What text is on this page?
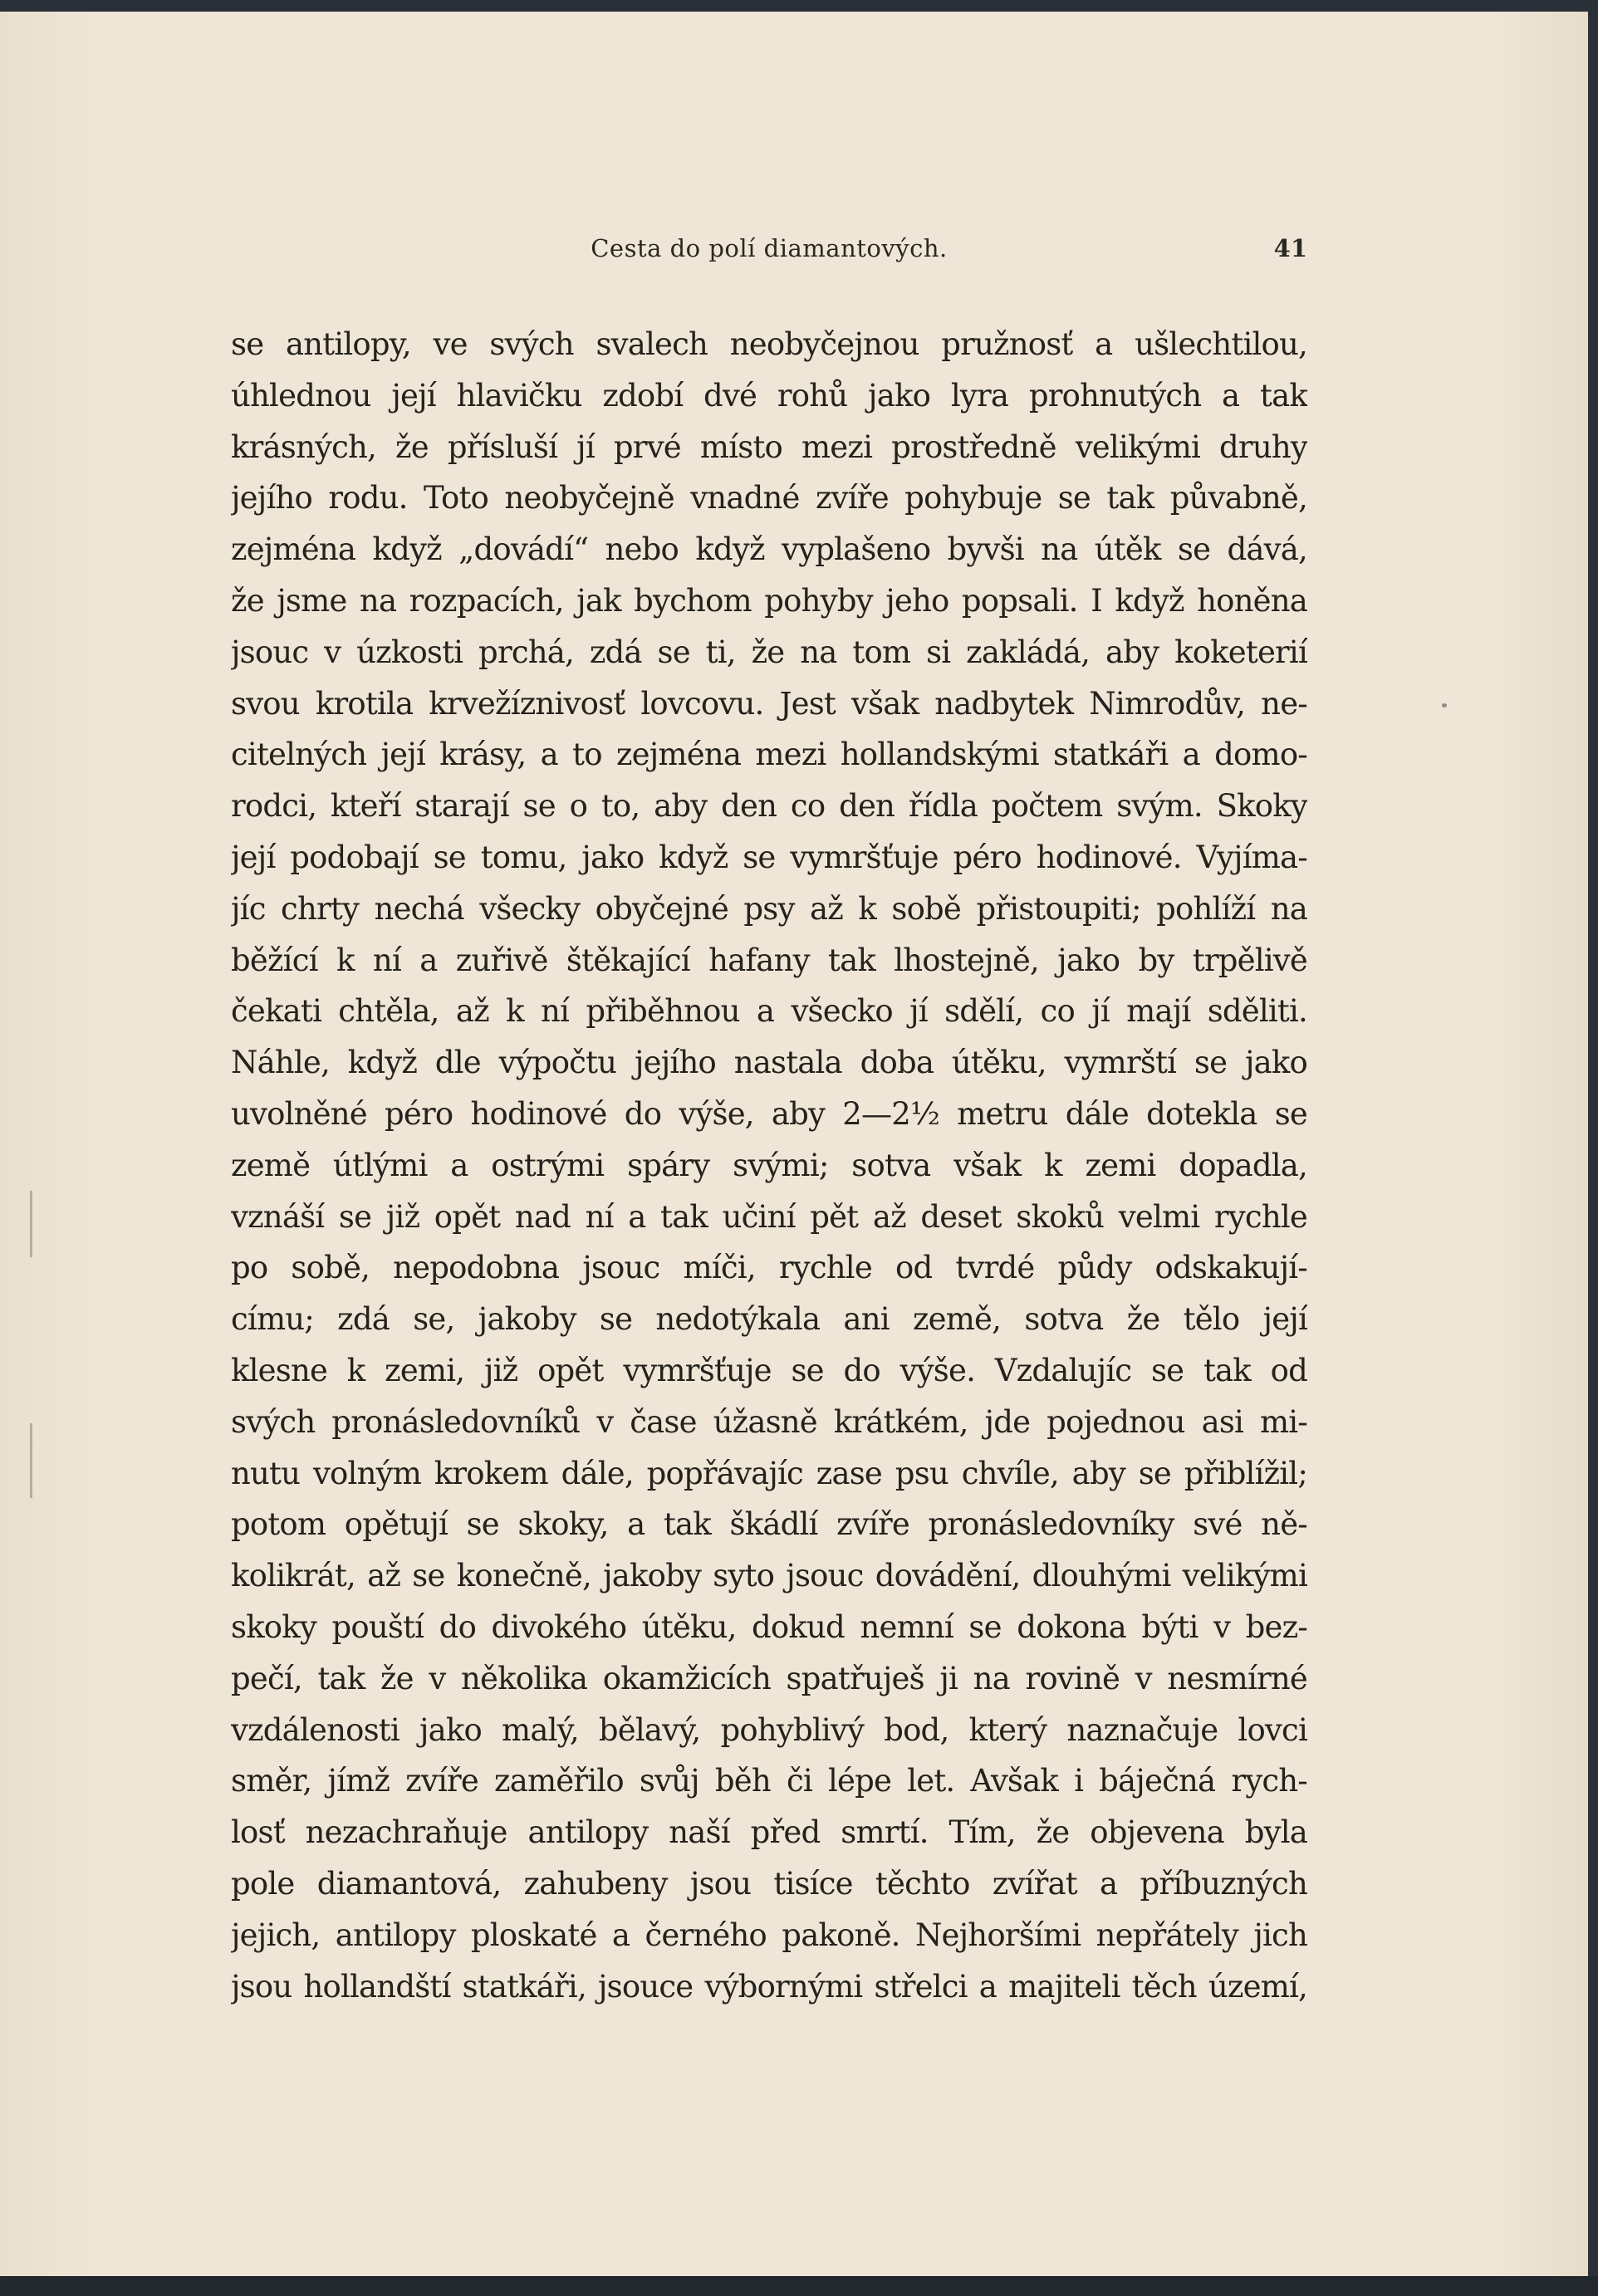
Cesta do polí diamantových.	41
se antilopy, ve svých svalech neobyčejnou pružnosť a ušlechtilou,
úhlednou její hlavičku zdobí dvé rohů jako lyra prohnutých a tak
krásných, že přísluší jí prvé místo mezi prostředně velikými druhy
jejího rodu. Toto neobyčejně vnadné zvíře pohybuje se tak půvabně,
zejména když „dovádí“ nebo když vyplašeno byvši na útěk se dává,
že jsme na rozpacích, jak bychom pohyby jeho popsali. I když honěna
jsouc v úzkosti prchá, zdá se ti, že na tom si zakládá, aby koketerií
svou krotila krvežíznivosť lovcovu. Jest však nadbytek Nimrodův, ne-
citelných její krásy, a to zejména mezi hollandskými statkáři a domo-
rodci, kteří starají se o to, aby den co den řídla počtem svým. Skoky
její podobají se tomu, jako když se vymršťuje péro hodinové. Vyjíma-
jíc chrty nechá všecky obyčejné psy až k sobě přistoupiti; pohlíží na
běžící k ní a zuřivě štěkající hafany tak lhostejně, jako by trpělivě
čekati chtěla, až k ní přiběhnou a všecko jí sdělí, co jí mají sděliti.
Náhle, když dle výpočtu jejího nastala doba útěku, vymrští se jako
uvolněné péro hodinové do výše, aby 2—2½ metru dále dotekla se
země útlými a ostrými spáry svými; sotva však k zemi dopadla,
vznáší se již opět nad ní a tak učiní pět až deset skoků velmi rychle
po sobě, nepodobna jsouc míči, rychle od tvrdé půdy odskakují-
címu; zdá se, jakoby se nedotýkala ani země, sotva že tělo její
klesne k zemi, již opět vymršťuje se do výše. Vzdalujíc se tak od
svých pronásledovníků v čase úžasně krátkém, jde pojednou asi mi-
nutu volným krokem dále, popřávajíc zase psu chvíle, aby se přiblížil;
potom opětují se skoky, a tak škádlí zvíře pronásledovníky své ně-
kolikrát, až se konečně, jakoby syto jsouc dovádění, dlouhými velikými
skoky pouští do divokého útěku, dokud nemní se dokona býti v bez-
pečí, tak že v několika okamžicích spatřuješ ji na rovině v nesmírné
vzdálenosti jako malý, bělavý, pohyblivý bod, který naznačuje lovci
směr, jímž zvíře zaměřilo svůj běh či lépe let. Avšak i báječná rych-
losť nezachraňuje antilopy naší před smrtí. Tím, že objevena byla
pole diamantová, zahubeny jsou tisíce těchto zvířat a příbuzných
jejich, antilopy ploskaté a černého pakoně. Nejhoršími nepřátely jich
jsou hollandští statkáři, jsouce výbornými střelci a majiteli těch území,
